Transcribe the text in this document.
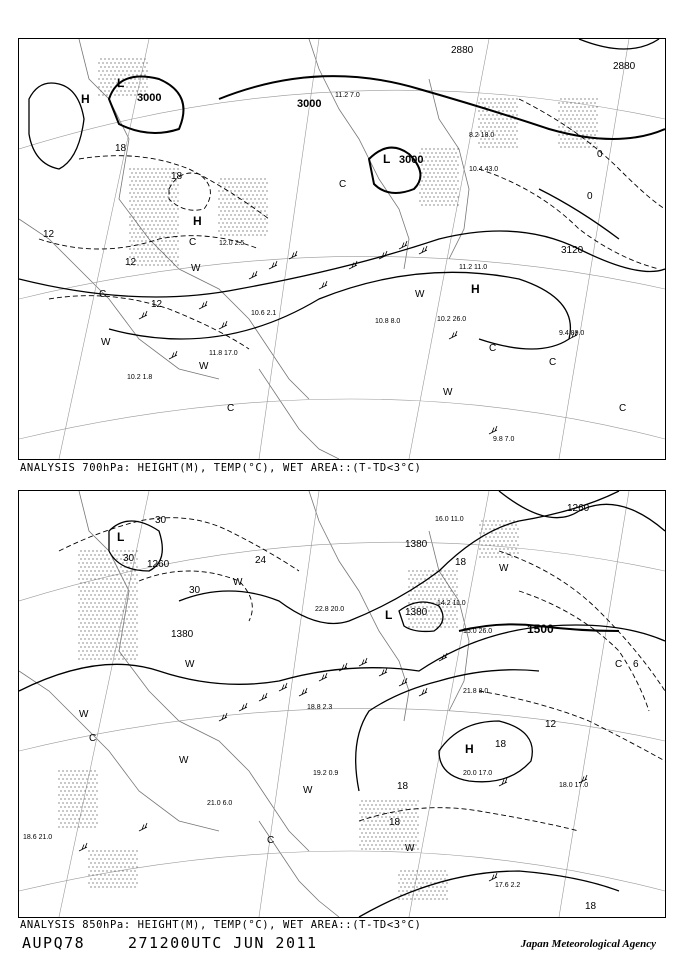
3000	3000
3000
2880
2880
3120
18
18
12
12
12
0
0
H
L
H
L
H
C
C
C
C
C
C	C
W
W
W
W
W
10.2 26.0
9.4 89.0
11.2 11.0
10.8 8.0
11.8 17.0
10.2 1.8
9.8 7.0
10.4 43.0
8.2 18.0
11.2 7.0
12.0 2.5
10.6 2.1
ANALYSIS 700hPa: HEIGHT(M), TEMP(°C), WET AREA::(T-TD<3°C)
1260
1260
1380
1380
1380
1500
30
30
30
24	18
18
18
18
18
12
6
L
L
H
W
W
W
W
W
W
W
C
C
C
20.0 17.0
18.0 17.0
17.6 2.2
18.6 21.0
21.0 6.0
19.2 0.9
15.0 26.0
14.2 11.0
22.8 20.0
18.8 2.3
21.8 8.0
16.0 11.0
ANALYSIS 850hPa: HEIGHT(M), TEMP(°C), WET AREA::(T-TD<3°C)
AUPQ78	271200UTC JUN 2011	Japan Meteorological Agency
